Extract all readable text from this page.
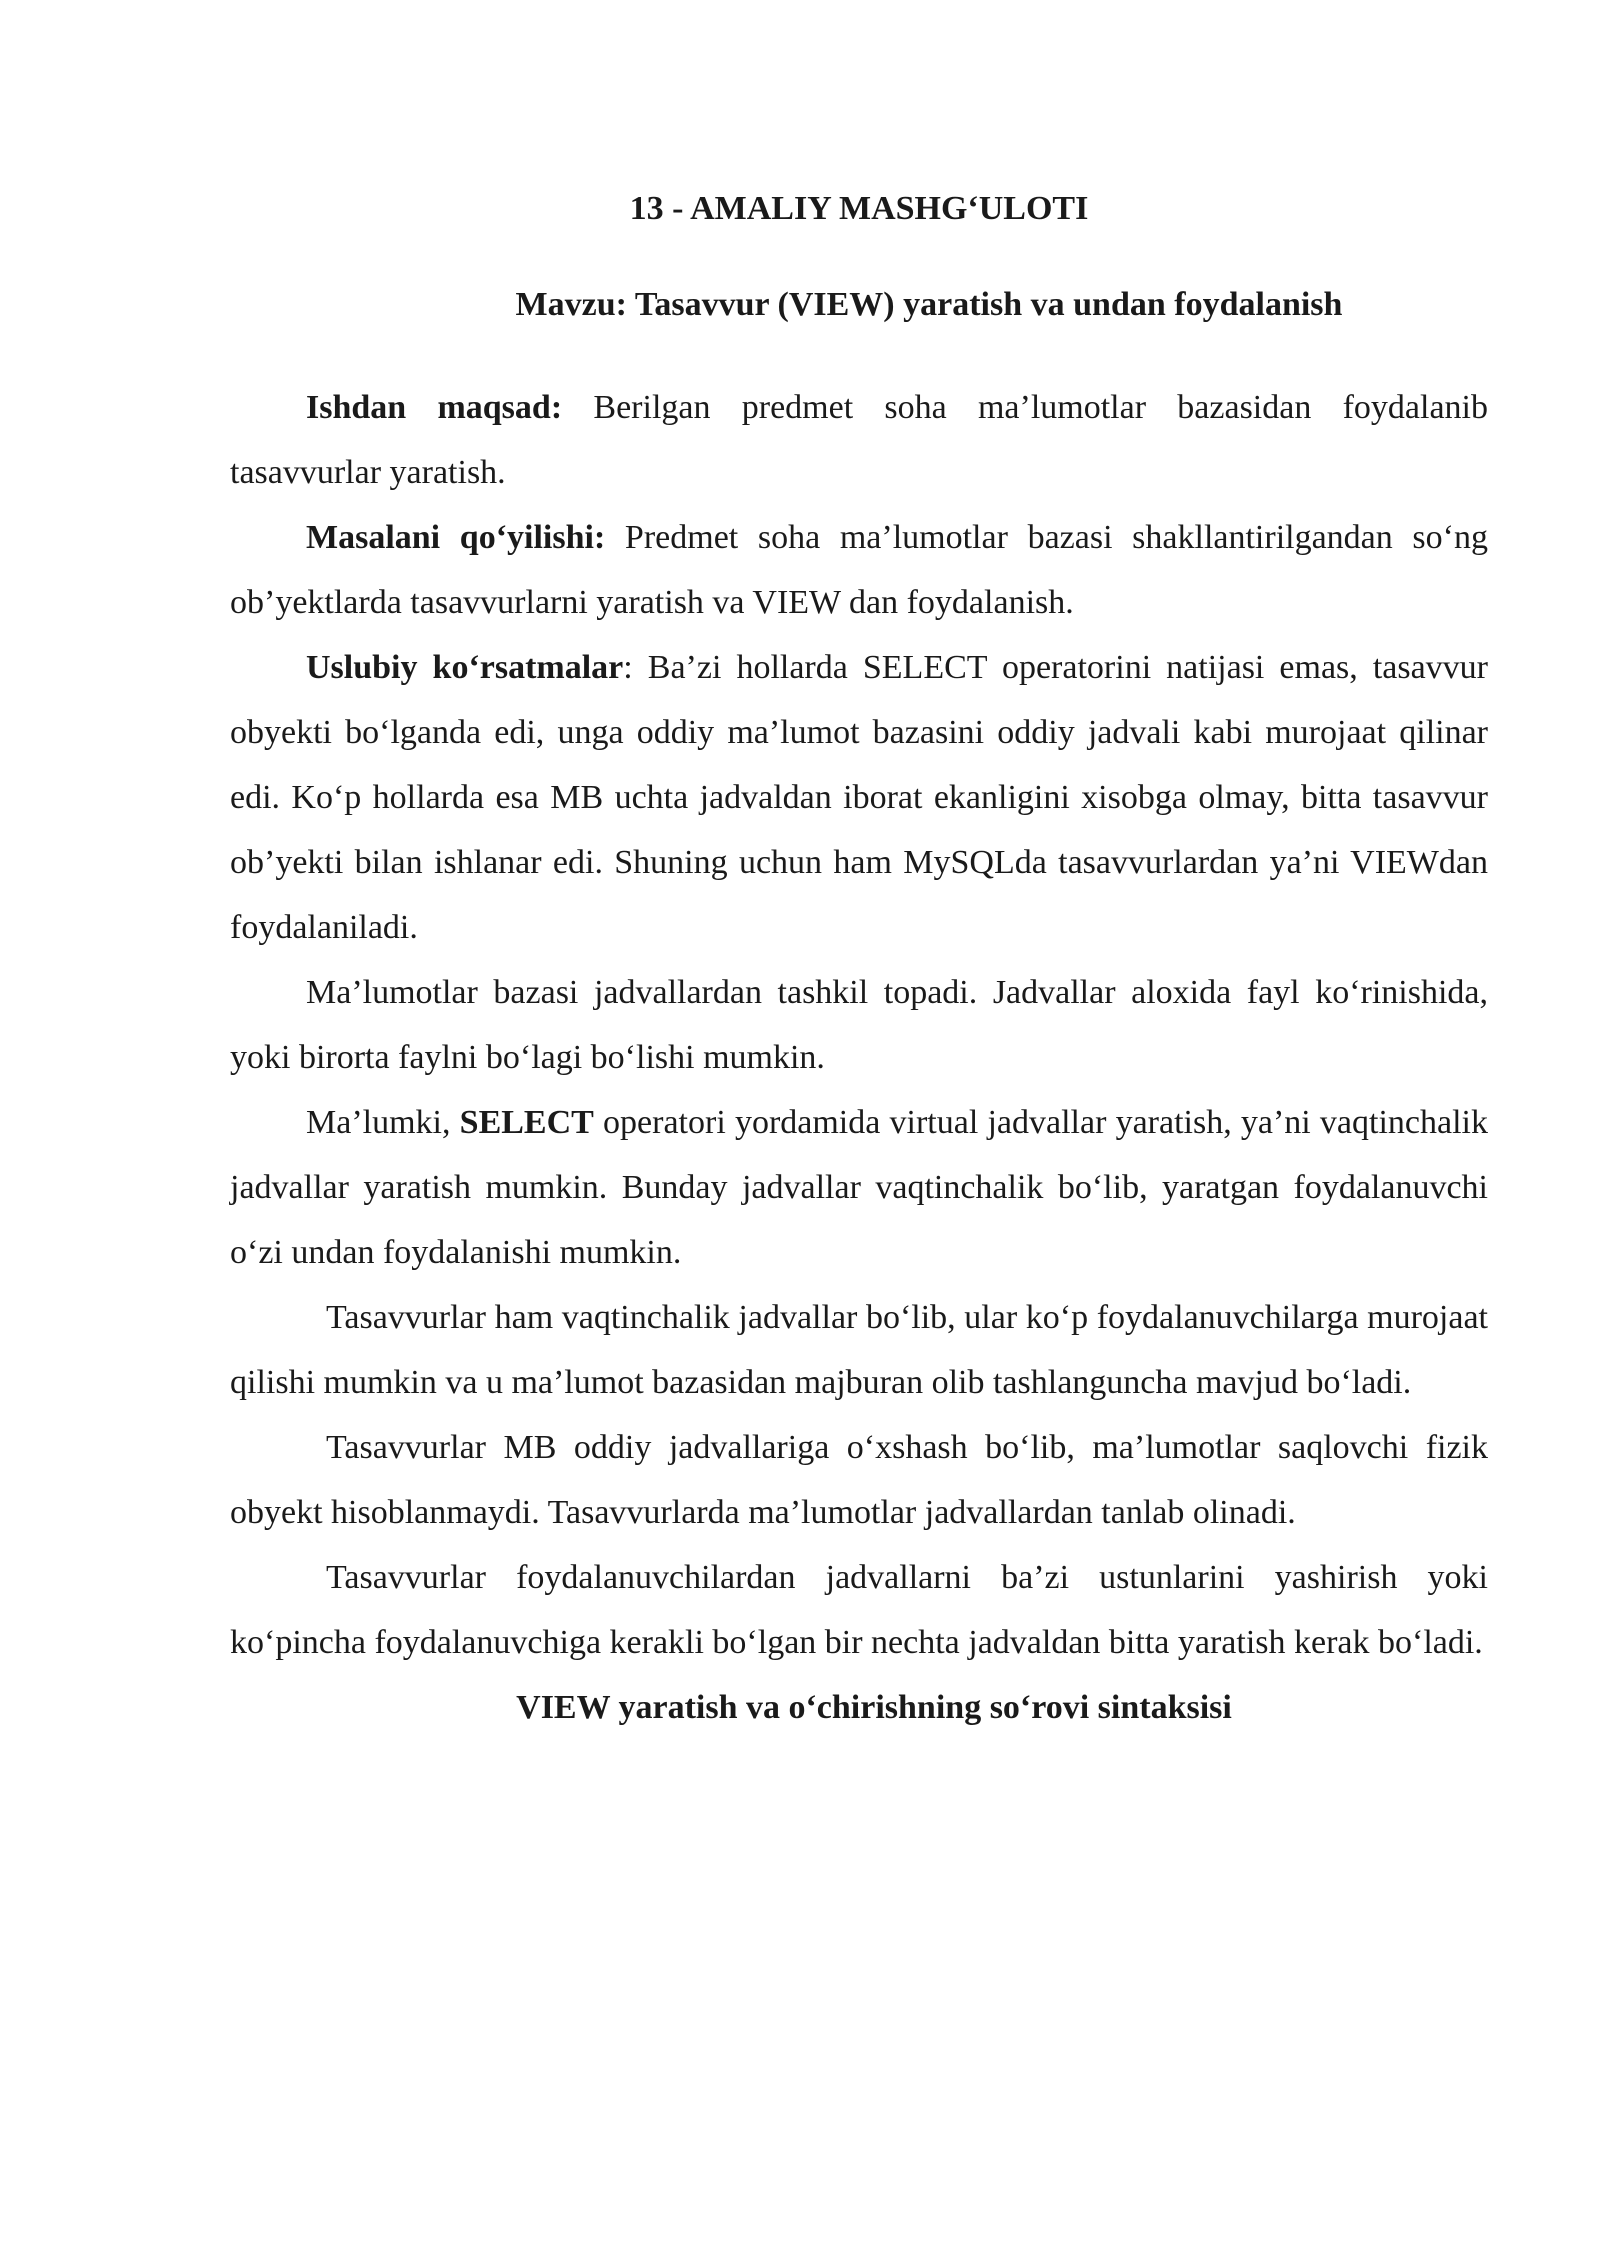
13 - AMALIY MASHG‘ULOTI
Mavzu: Tasavvur (VIEW) yaratish va undan foydalanish

Ishdan maqsad: Berilgan predmet soha ma’lumotlar bazasidan foydalanib tasavvurlar yaratish.

Masalani qo‘yilishi: Predmet soha ma’lumotlar bazasi shakllantirilgandan so‘ng ob’yektlarda tasavvurlarni yaratish va VIEW dan foydalanish.

Uslubiy ko‘rsatmalar: Ba’zi hollarda SELECT operatorini natijasi emas, tasavvur obyekti bo‘lganda edi, unga oddiy ma’lumot bazasini oddiy jadvali kabi murojaat qilinar edi. Ko‘p hollarda esa MB uchta jadvaldan iborat ekanligini xisobga olmay, bitta tasavvur ob’yekti bilan ishlanar edi. Shuning uchun ham MySQLda tasavvurlardan ya’ni VIEWdan foydalaniladi.

Ma’lumotlar bazasi jadvallardan tashkil topadi. Jadvallar aloxida fayl ko‘rinishida, yoki birorta faylni bo‘lagi bo‘lishi mumkin.

Ma’lumki, SELECT operatori yordamida virtual jadvallar yaratish, ya’ni vaqtinchalik jadvallar yaratish mumkin. Bunday jadvallar vaqtinchalik bo‘lib, yaratgan foydalanuvchi o‘zi undan foydalanishi mumkin.

Tasavvurlar ham vaqtinchalik jadvallar bo‘lib, ular ko‘p foydalanuvchilarga murojaat qilishi mumkin va u ma’lumot bazasidan majburan olib tashlanguncha mavjud bo‘ladi.

Tasavvurlar MB oddiy jadvallariga o‘xshash bo‘lib, ma’lumotlar saqlovchi fizik obyekt hisoblanmaydi. Tasavvurlarda ma’lumotlar jadvallardan tanlab olinadi.

Tasavvurlar foydalanuvchilardan jadvallarni ba’zi ustunlarini yashirish yoki ko‘pincha foydalanuvchiga kerakli bo‘lgan bir nechta jadvaldan bitta yaratish kerak bo‘ladi.

VIEW yaratish va o‘chirishning so‘rovi sintaksisi
